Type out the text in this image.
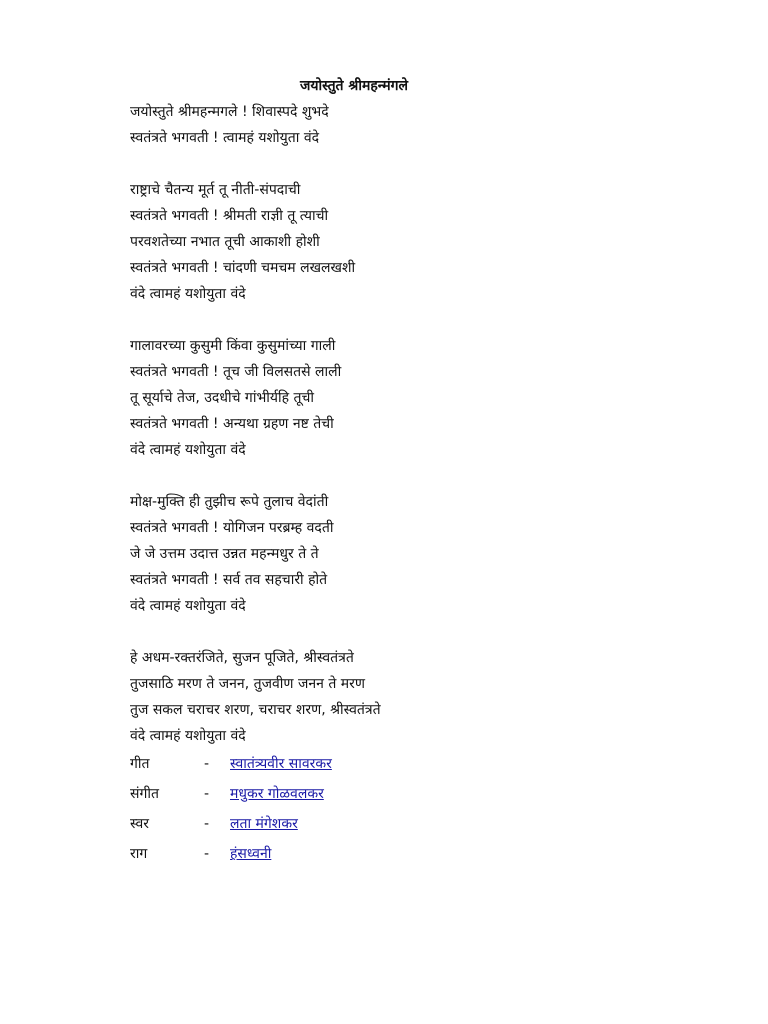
जयोस्तुते श्रीमहन्मंगले
जयोस्तुते श्रीमहन्मगले ! शिवास्पदे शुभदे
स्वतंत्रते भगवती ! त्वामहं यशोयुता वंदे
राष्ट्राचे चैतन्य मूर्त तू नीती-संपदाची
स्वतंत्रते भगवती ! श्रीमती राज्ञी तू त्याची
परवशतेच्या नभात तूची आकाशी होशी
स्वतंत्रते भगवती ! चांदणी चमचम लखलखशी
वंदे त्वामहं यशोयुता वंदे
गालावरच्या कुसुमी किंवा कुसुमांच्या गाली
स्वतंत्रते भगवती ! तूच जी विलसतसे लाली
तू सूर्याचे तेज, उदधीचे गांभीर्यहि तूची
स्वतंत्रते भगवती ! अन्यथा ग्रहण नष्ट तेची
वंदे त्वामहं यशोयुता वंदे
मोक्ष-मुक्ति ही तुझीच रूपे तुलाच वेदांती
स्वतंत्रते भगवती ! योगिजन परब्रम्ह वदती
जे जे उत्तम उदात्त उन्नत महन्मधुर ते ते
स्वतंत्रते भगवती ! सर्व तव सहचारी होते
वंदे त्वामहं यशोयुता वंदे
हे अधम-रक्तरंजिते, सुजन पूजिते, श्रीस्वतंत्रते
तुजसाठि मरण ते जनन, तुजवीण जनन ते मरण
तुज सकल चराचर शरण, चराचर शरण, श्रीस्वतंत्रते
वंदे त्वामहं यशोयुता वंदे
गीत	-	स्वातंत्र्यवीर सावरकर
संगीत	-	मधुकर गोळवलकर
स्वर	-	लता मंगेशकर
राग	-	हंसध्वनी
